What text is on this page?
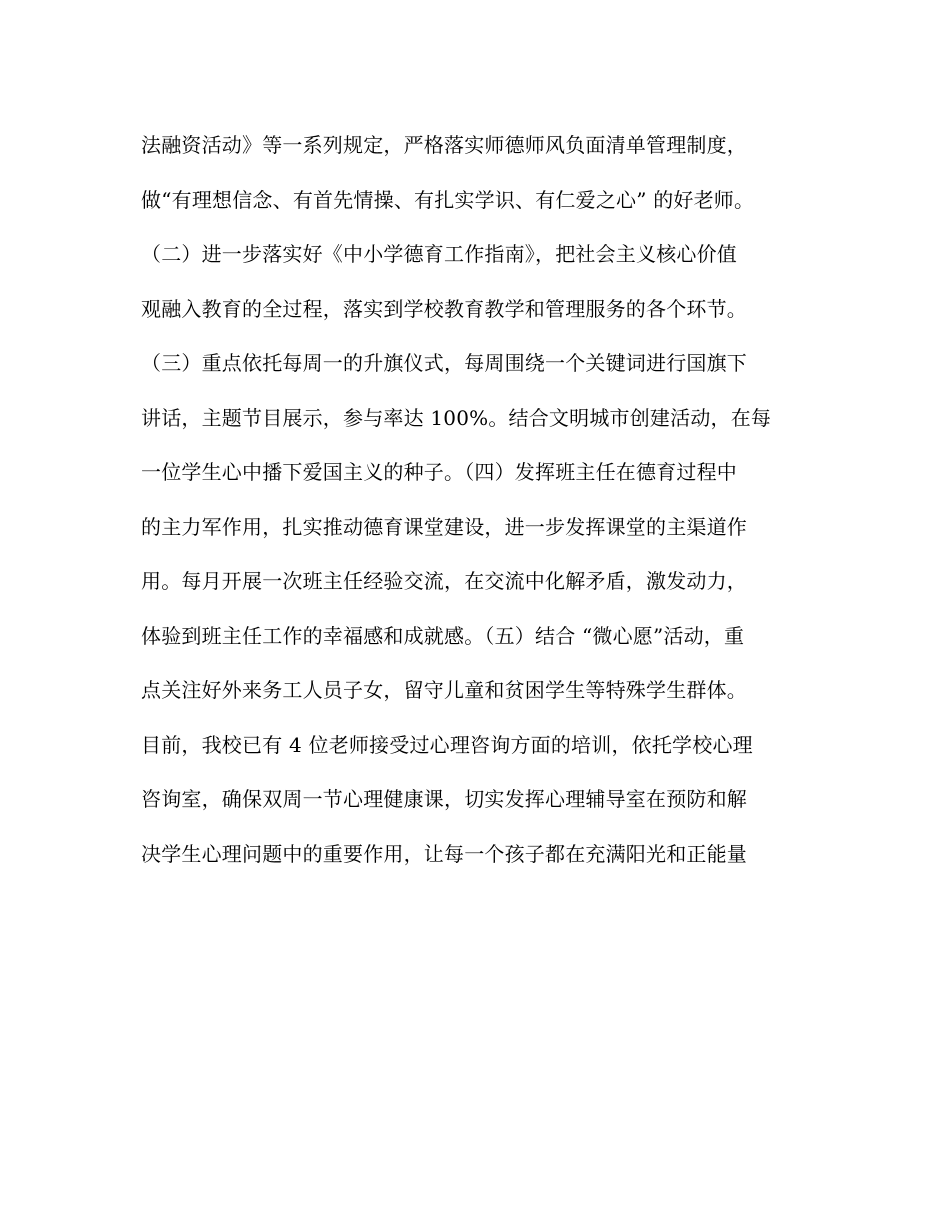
法融资活动》等一系列规定，严格落实师德师风负面清单管理制度，
做“有理想信念、有首先情操、有扎实学识、有仁爱之心” 的好老师。
（二）进一步落实好《中小学德育工作指南》，把社会主义核心价值
观融入教育的全过程，落实到学校教育教学和管理服务的各个环节。
（三）重点依托每周一的升旗仪式，每周围绕一个关键词进行国旗下
讲话，主题节目展示，参与率达 100%。结合文明城市创建活动，在每
一位学生心中播下爱国主义的种子。（四）发挥班主任在德育过程中
的主力军作用，扎实推动德育课堂建设，进一步发挥课堂的主渠道作
用。每月开展一次班主任经验交流，在交流中化解矛盾，激发动力，
体验到班主任工作的幸福感和成就感。（五）结合 “微心愿”活动，重
点关注好外来务工人员子女，留守儿童和贫困学生等特殊学生群体。
目前，我校已有 4 位老师接受过心理咨询方面的培训，依托学校心理
咨询室，确保双周一节心理健康课，切实发挥心理辅导室在预防和解
决学生心理问题中的重要作用，让每一个孩子都在充满阳光和正能量
